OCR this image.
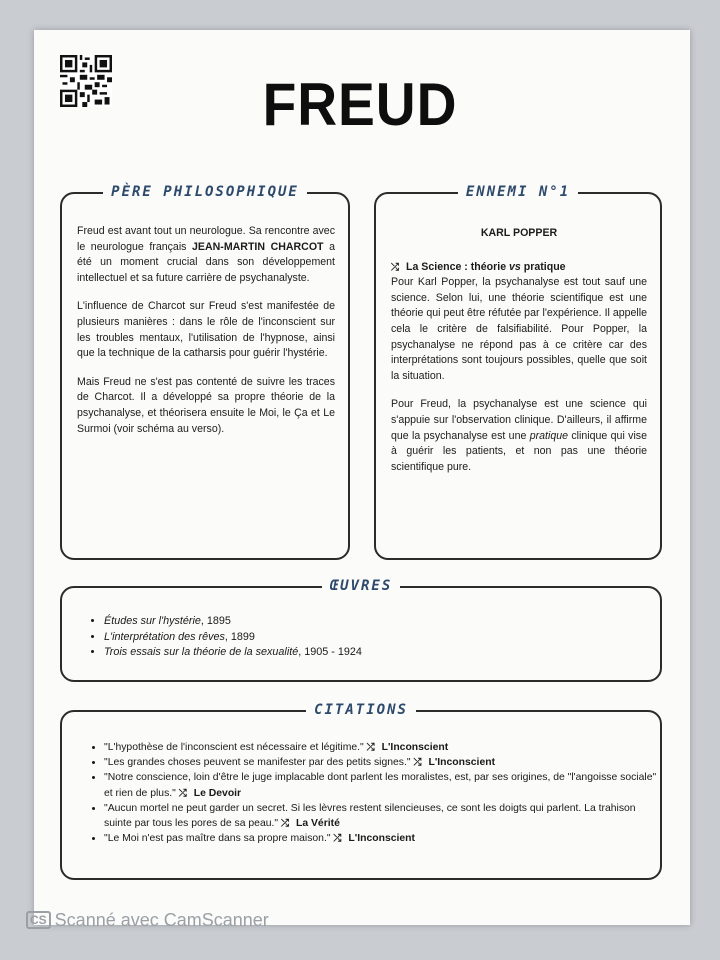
FREUD
PÈRE PHILOSOPHIQUE

Freud est avant tout un neurologue. Sa rencontre avec le neurologue français JEAN-MARTIN CHARCOT a été un moment crucial dans son développement intellectuel et sa future carrière de psychanalyste.

L'influence de Charcot sur Freud s'est manifestée de plusieurs manières : dans le rôle de l'inconscient sur les troubles mentaux, l'utilisation de l'hypnose, ainsi que la technique de la catharsis pour guérir l'hystérie.

Mais Freud ne s'est pas contenté de suivre les traces de Charcot. Il a développé sa propre théorie de la psychanalyse, et théorisera ensuite le Moi, le Ça et Le Surmoi (voir schéma au verso).

ENNEMI N°1

KARL POPPER

⤮ La Science : théorie vs pratique

Pour Karl Popper, la psychanalyse est tout sauf une science. Selon lui, une théorie scientifique est une théorie qui peut être réfutée par l'expérience. Il appelle cela le critère de falsifiabilité. Pour Popper, la psychanalyse ne répond pas à ce critère car des interprétations sont toujours possibles, quelle que soit la situation.

Pour Freud, la psychanalyse est une science qui s'appuie sur l'observation clinique. D'ailleurs, il affirme que la psychanalyse est une pratique clinique qui vise à guérir les patients, et non pas une théorie scientifique pure.

ŒUVRES
• Études sur l'hystérie, 1895
• L'interprétation des rêves, 1899
• Trois essais sur la théorie de la sexualité, 1905 - 1924
CITATIONS
• "L'hypothèse de l'inconscient est nécessaire et légitime." ⤮ L'Inconscient
• "Les grandes choses peuvent se manifester par des petits signes." ⤮ L'Inconscient
• "Notre conscience, loin d'être le juge implacable dont parlent les moralistes, est, par ses origines, de "l'angoisse sociale" et rien de plus." ⤮ Le Devoir
• "Aucun mortel ne peut garder un secret. Si les lèvres restent silencieuses, ce sont les doigts qui parlent. La trahison suinte par tous les pores de sa peau." ⤮ La Vérité
• "Le Moi n'est pas maître dans sa propre maison." ⤮ L'Inconscient
CS Scanné avec CamScanner
